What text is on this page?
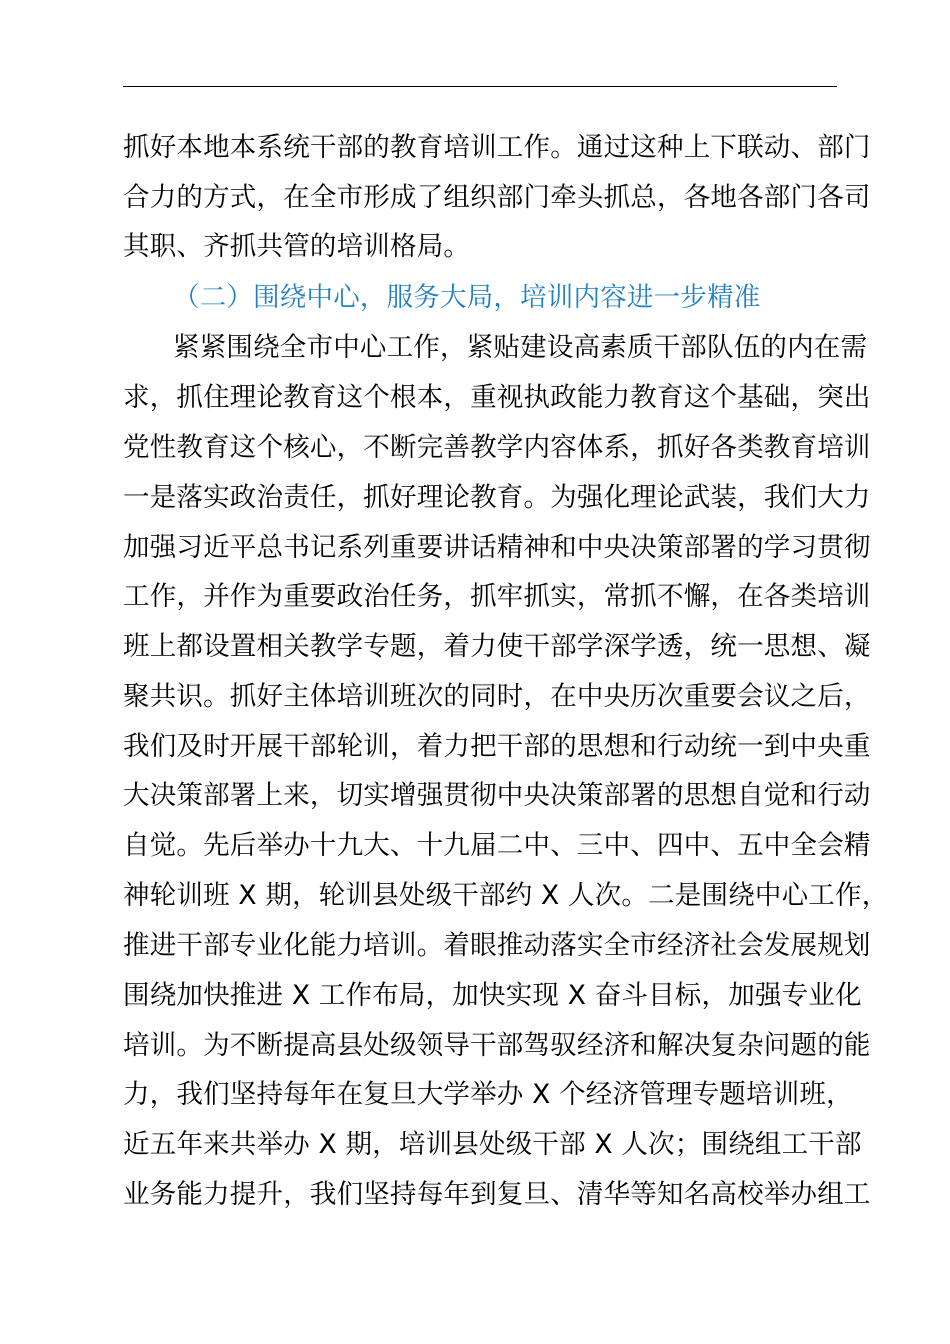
抓好本地本系统干部的教育培训工作。通过这种上下联动、部门
合力的方式，在全市形成了组织部门牵头抓总，各地各部门各司
其职、齐抓共管的培训格局。
（二）围绕中心，服务大局，培训内容进一步精准
紧紧围绕全市中心工作，紧贴建设高素质干部队伍的内在需
求，抓住理论教育这个根本，重视执政能力教育这个基础，突出
党性教育这个核心，不断完善教学内容体系，抓好各类教育培训
一是落实政治责任，抓好理论教育。为强化理论武装，我们大力
加强习近平总书记系列重要讲话精神和中央决策部署的学习贯彻
工作，并作为重要政治任务，抓牢抓实，常抓不懈，在各类培训
班上都设置相关教学专题，着力使干部学深学透，统一思想、凝
聚共识。抓好主体培训班次的同时，在中央历次重要会议之后，
我们及时开展干部轮训，着力把干部的思想和行动统一到中央重
大决策部署上来，切实增强贯彻中央决策部署的思想自觉和行动
自觉。先后举办十九大、十九届二中、三中、四中、五中全会精
神轮训班 X 期，轮训县处级干部约 X 人次。二是围绕中心工作，
推进干部专业化能力培训。着眼推动落实全市经济社会发展规划
围绕加快推进 X 工作布局，加快实现 X 奋斗目标，加强专业化
培训。为不断提高县处级领导干部驾驭经济和解决复杂问题的能
力，我们坚持每年在复旦大学举办 X 个经济管理专题培训班，
近五年来共举办 X 期，培训县处级干部 X 人次；围绕组工干部
业务能力提升，我们坚持每年到复旦、清华等知名高校举办组工
